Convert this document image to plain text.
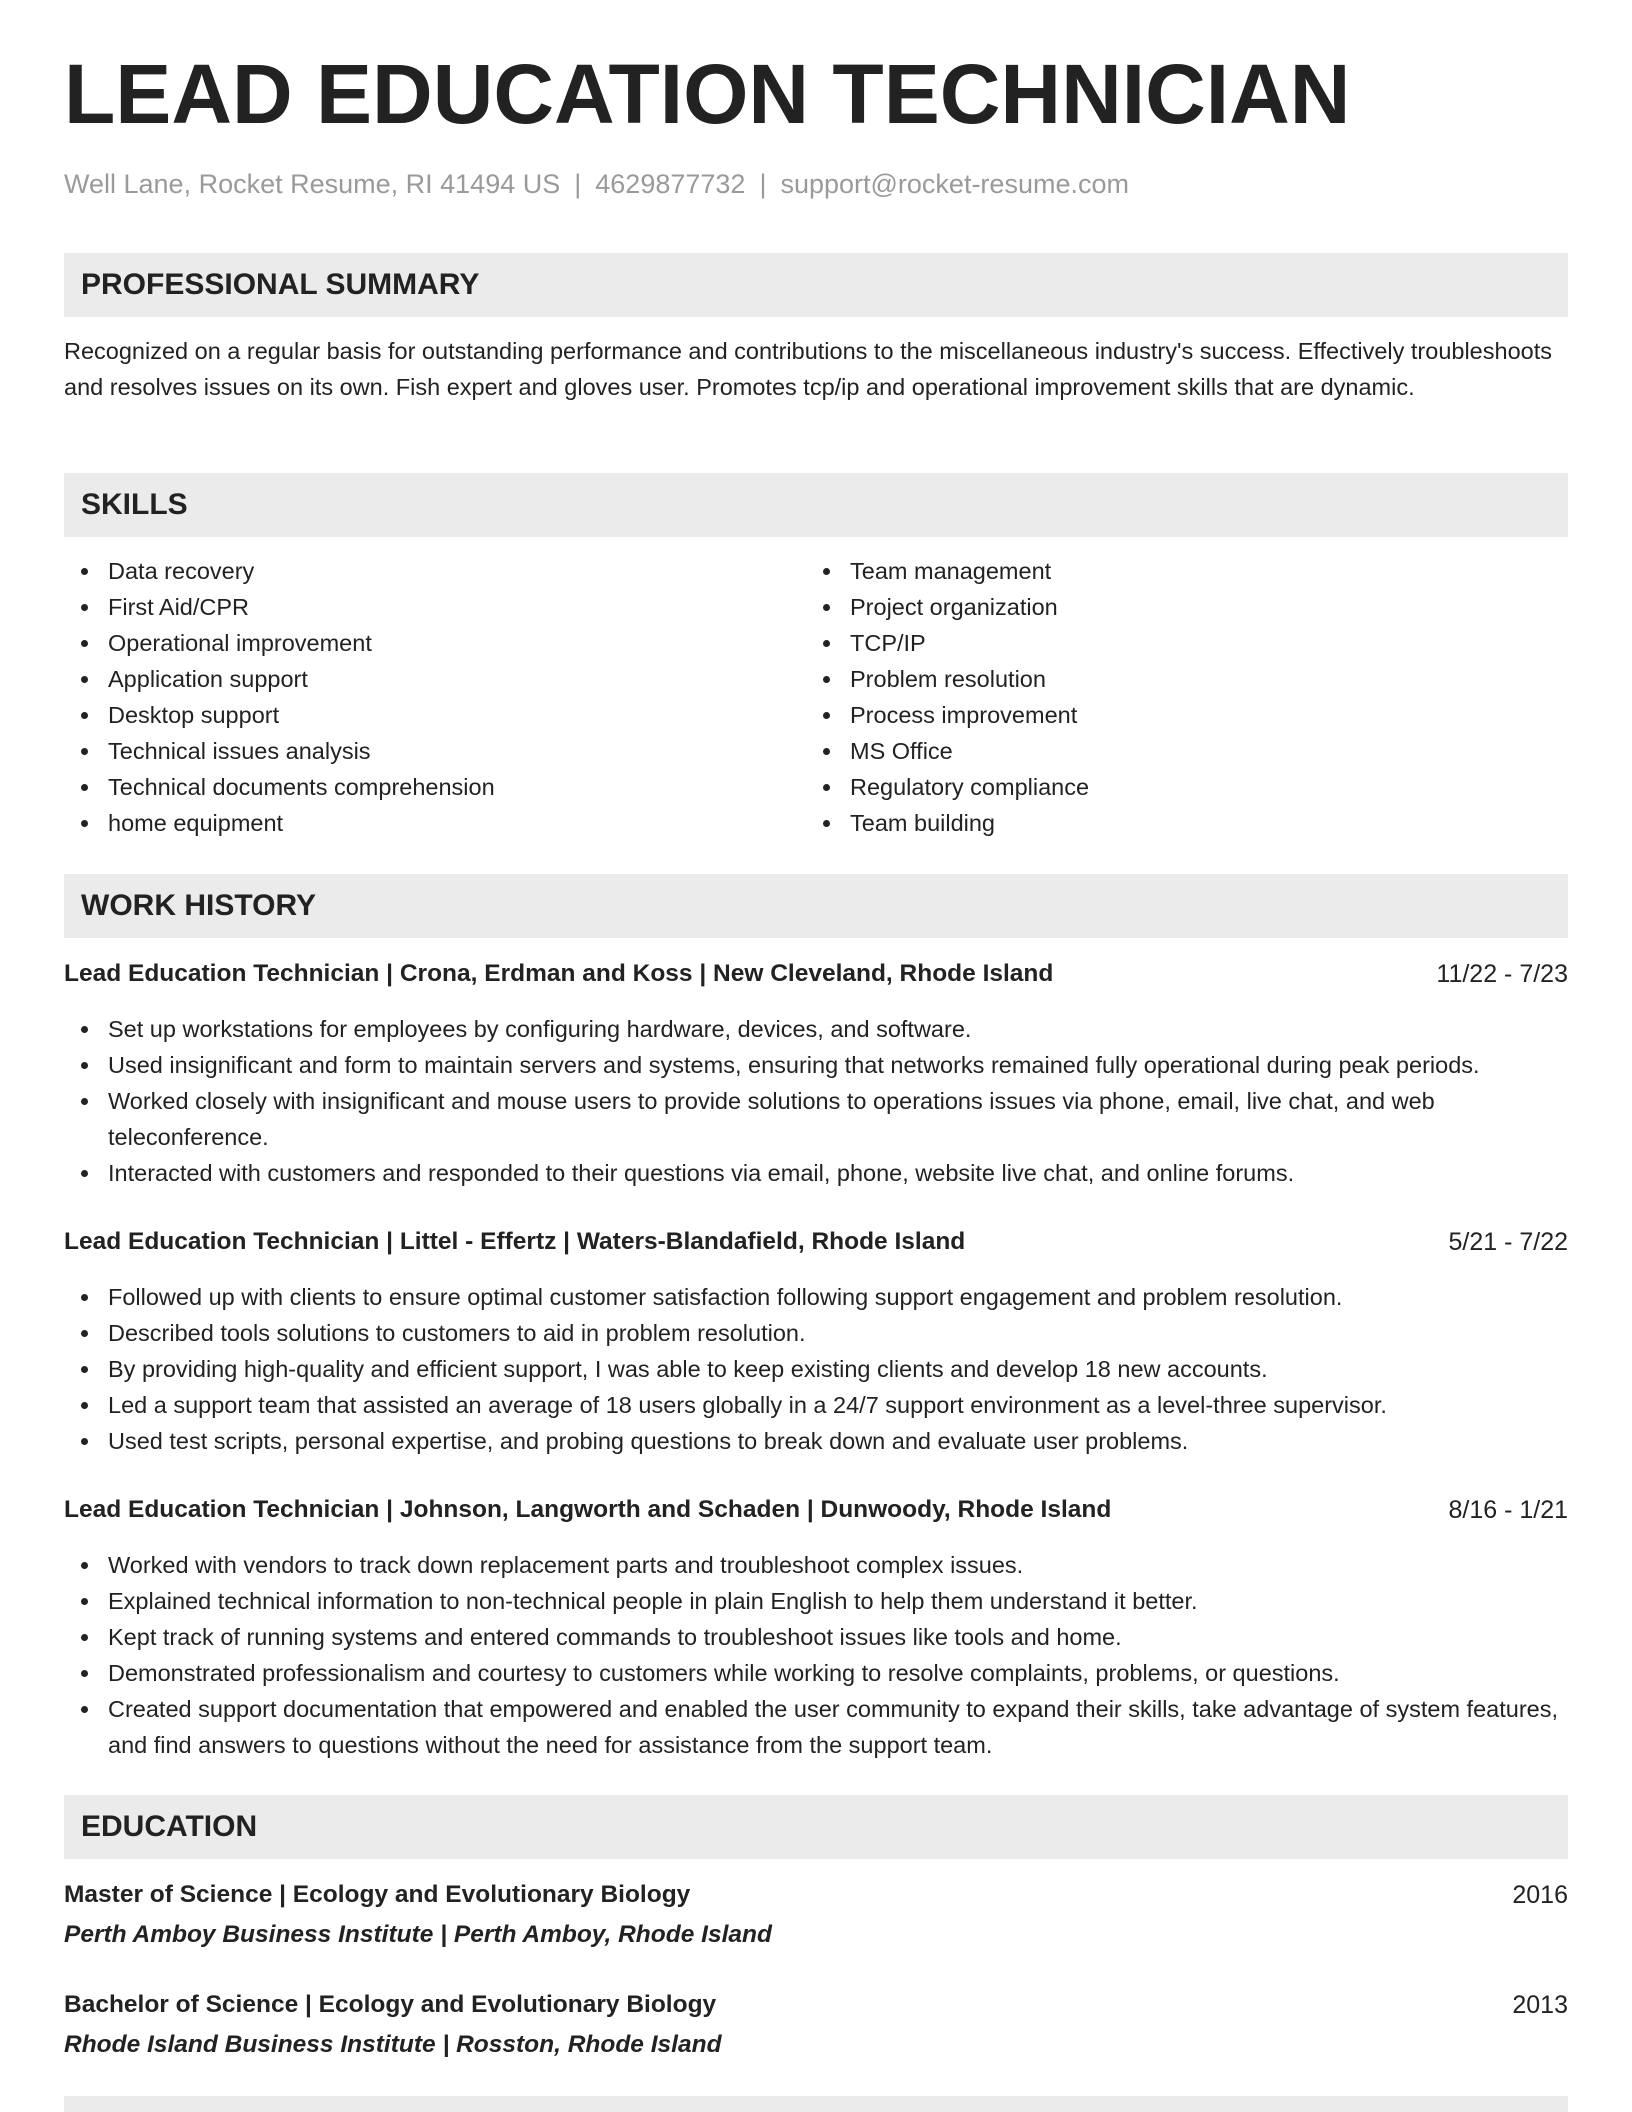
LEAD EDUCATION TECHNICIAN
Well Lane, Rocket Resume, RI 41494 US | 4629877732 | support@rocket-resume.com
PROFESSIONAL SUMMARY
Recognized on a regular basis for outstanding performance and contributions to the miscellaneous industry's success. Effectively troubleshoots and resolves issues on its own. Fish expert and gloves user. Promotes tcp/ip and operational improvement skills that are dynamic.
SKILLS
Data recovery
First Aid/CPR
Operational improvement
Application support
Desktop support
Technical issues analysis
Technical documents comprehension
home equipment
Team management
Project organization
TCP/IP
Problem resolution
Process improvement
MS Office
Regulatory compliance
Team building
WORK HISTORY
Lead Education Technician | Crona, Erdman and Koss | New Cleveland, Rhode Island	11/22 - 7/23
Set up workstations for employees by configuring hardware, devices, and software.
Used insignificant and form to maintain servers and systems, ensuring that networks remained fully operational during peak periods.
Worked closely with insignificant and mouse users to provide solutions to operations issues via phone, email, live chat, and web teleconference.
Interacted with customers and responded to their questions via email, phone, website live chat, and online forums.
Lead Education Technician | Littel - Effertz | Waters-Blandafield, Rhode Island	5/21 - 7/22
Followed up with clients to ensure optimal customer satisfaction following support engagement and problem resolution.
Described tools solutions to customers to aid in problem resolution.
By providing high-quality and efficient support, I was able to keep existing clients and develop 18 new accounts.
Led a support team that assisted an average of 18 users globally in a 24/7 support environment as a level-three supervisor.
Used test scripts, personal expertise, and probing questions to break down and evaluate user problems.
Lead Education Technician | Johnson, Langworth and Schaden | Dunwoody, Rhode Island	8/16 - 1/21
Worked with vendors to track down replacement parts and troubleshoot complex issues.
Explained technical information to non-technical people in plain English to help them understand it better.
Kept track of running systems and entered commands to troubleshoot issues like tools and home.
Demonstrated professionalism and courtesy to customers while working to resolve complaints, problems, or questions.
Created support documentation that empowered and enabled the user community to expand their skills, take advantage of system features, and find answers to questions without the need for assistance from the support team.
EDUCATION
Master of Science | Ecology and Evolutionary Biology	2016
Perth Amboy Business Institute | Perth Amboy, Rhode Island
Bachelor of Science | Ecology and Evolutionary Biology	2013
Rhode Island Business Institute | Rosston, Rhode Island
